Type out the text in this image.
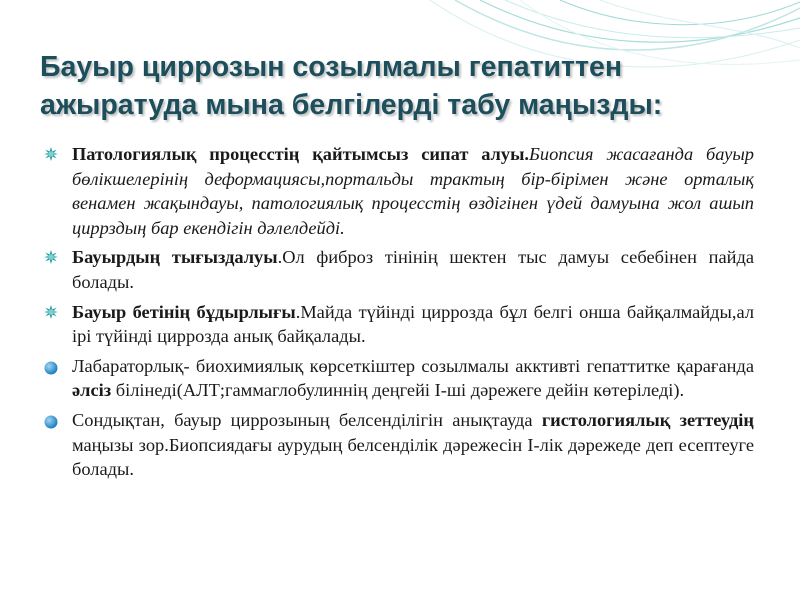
Бауыр циррозын созылмалы гепатиттен
ажыратуда мына белгілерді табу маңызды:
Патологиялық процесстің қайтымсыз сипат алуы.Биопсия жасағанда бауыр бөлікшелерінің деформациясы,портальды трактың бір-бірімен және орталық венамен жақындауы, патологиялық процесстің өздігінен үдей дамуына жол ашып циррздың бар екендігін дәлелдейді.
Бауырдың тығыздалуы.Ол фиброз тінінің шектен тыс дамуы себебінен пайда болады.
Бауыр бетінің бұдырлығы.Майда түйінді циррозда бұл белгі онша байқалмайды,ал ірі түйінді циррозда анық байқалады.
Лабараторлық- биохимиялық көрсеткіштер созылмалы акктивті гепаттитке қарағанда әлсіз білінеді(АЛТ;гаммаглобулиннің деңгейі І-ші дәрежеге дейін көтеріледі).
Сондықтан, бауыр циррозының белсенділігін анықтауда гистологиялық зеттеудің маңызы зор.Биопсиядағы аурудың белсенділік дәрежесін І-лік дәрежеде деп есептеуге болады.
